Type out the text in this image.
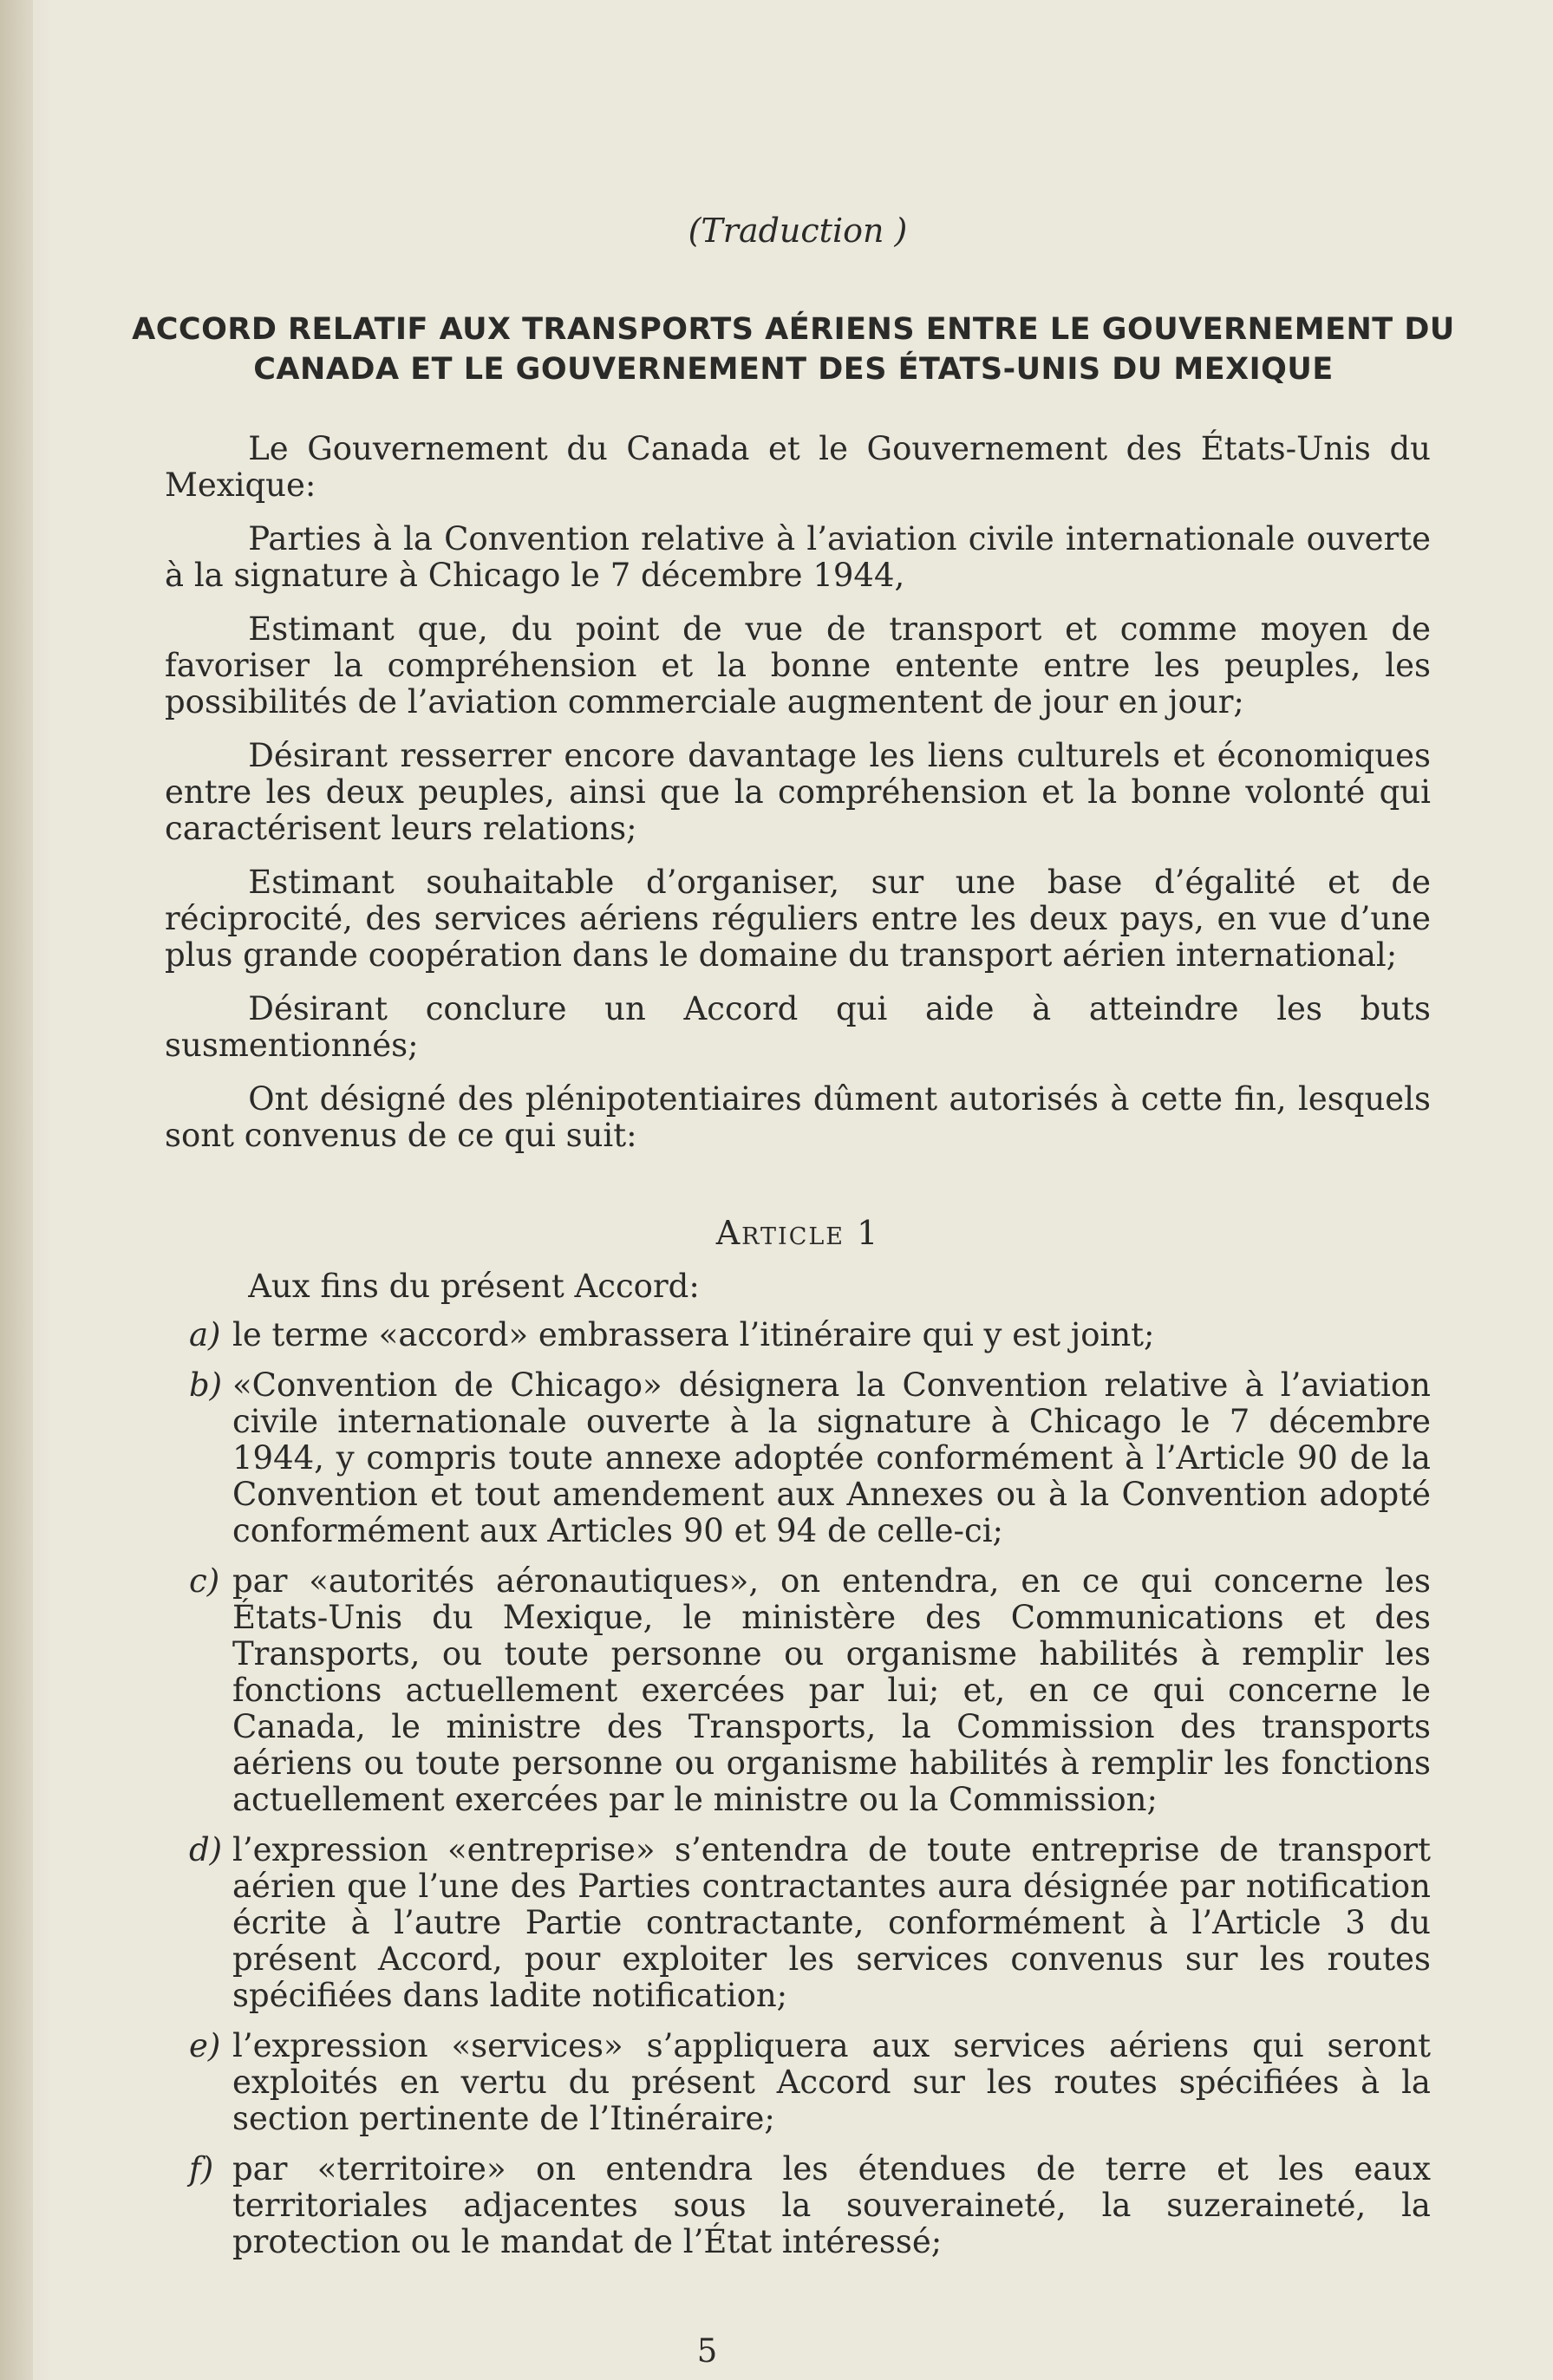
(Traduction )
ACCORD RELATIF AUX TRANSPORTS AÉRIENS ENTRE LE GOUVERNEMENT DU CANADA ET LE GOUVERNEMENT DES ÉTATS-UNIS DU MEXIQUE

Le Gouvernement du Canada et le Gouvernement des États-Unis du Mexique:

Parties à la Convention relative à l’aviation civile internationale ouverte à la signature à Chicago le 7 décembre 1944,

Estimant que, du point de vue de transport et comme moyen de favoriser la compréhension et la bonne entente entre les peuples, les possibilités de l’aviation commerciale augmentent de jour en jour;

Désirant resserrer encore davantage les liens culturels et économiques entre les deux peuples, ainsi que la compréhension et la bonne volonté qui caractérisent leurs relations;

Estimant souhaitable d’organiser, sur une base d’égalité et de réciprocité, des services aériens réguliers entre les deux pays, en vue d’une plus grande coopération dans le domaine du transport aérien international;

Désirant conclure un Accord qui aide à atteindre les buts susmentionnés;

Ont désigné des plénipotentiaires dûment autorisés à cette fin, lesquels sont convenus de ce qui suit:

Article 1

Aux fins du présent Accord:

a) le terme «accord» embrassera l’itinéraire qui y est joint;
b) «Convention de Chicago» désignera la Convention relative à l’aviation civile internationale ouverte à la signature à Chicago le 7 décembre 1944, y compris toute annexe adoptée conformément à l’Article 90 de la Convention et tout amendement aux Annexes ou à la Convention adopté conformément aux Articles 90 et 94 de celle-ci;
c) par «autorités aéronautiques», on entendra, en ce qui concerne les États-Unis du Mexique, le ministère des Communications et des Transports, ou toute personne ou organisme habilités à remplir les fonctions actuellement exercées par lui; et, en ce qui concerne le Canada, le ministre des Transports, la Commission des transports aériens ou toute personne ou organisme habilités à remplir les fonctions actuellement exercées par le ministre ou la Commission;
d) l’expression «entreprise» s’entendra de toute entreprise de transport aérien que l’une des Parties contractantes aura désignée par notification écrite à l’autre Partie contractante, conformément à l’Article 3 du présent Accord, pour exploiter les services convenus sur les routes spécifiées dans ladite notification;
e) l’expression «services» s’appliquera aux services aériens qui seront exploités en vertu du présent Accord sur les routes spécifiées à la section pertinente de l’Itinéraire;
f) par «territoire» on entendra les étendues de terre et les eaux territoriales adjacentes sous la souveraineté, la suzeraineté, la protection ou le mandat de l’État intéressé;
5
